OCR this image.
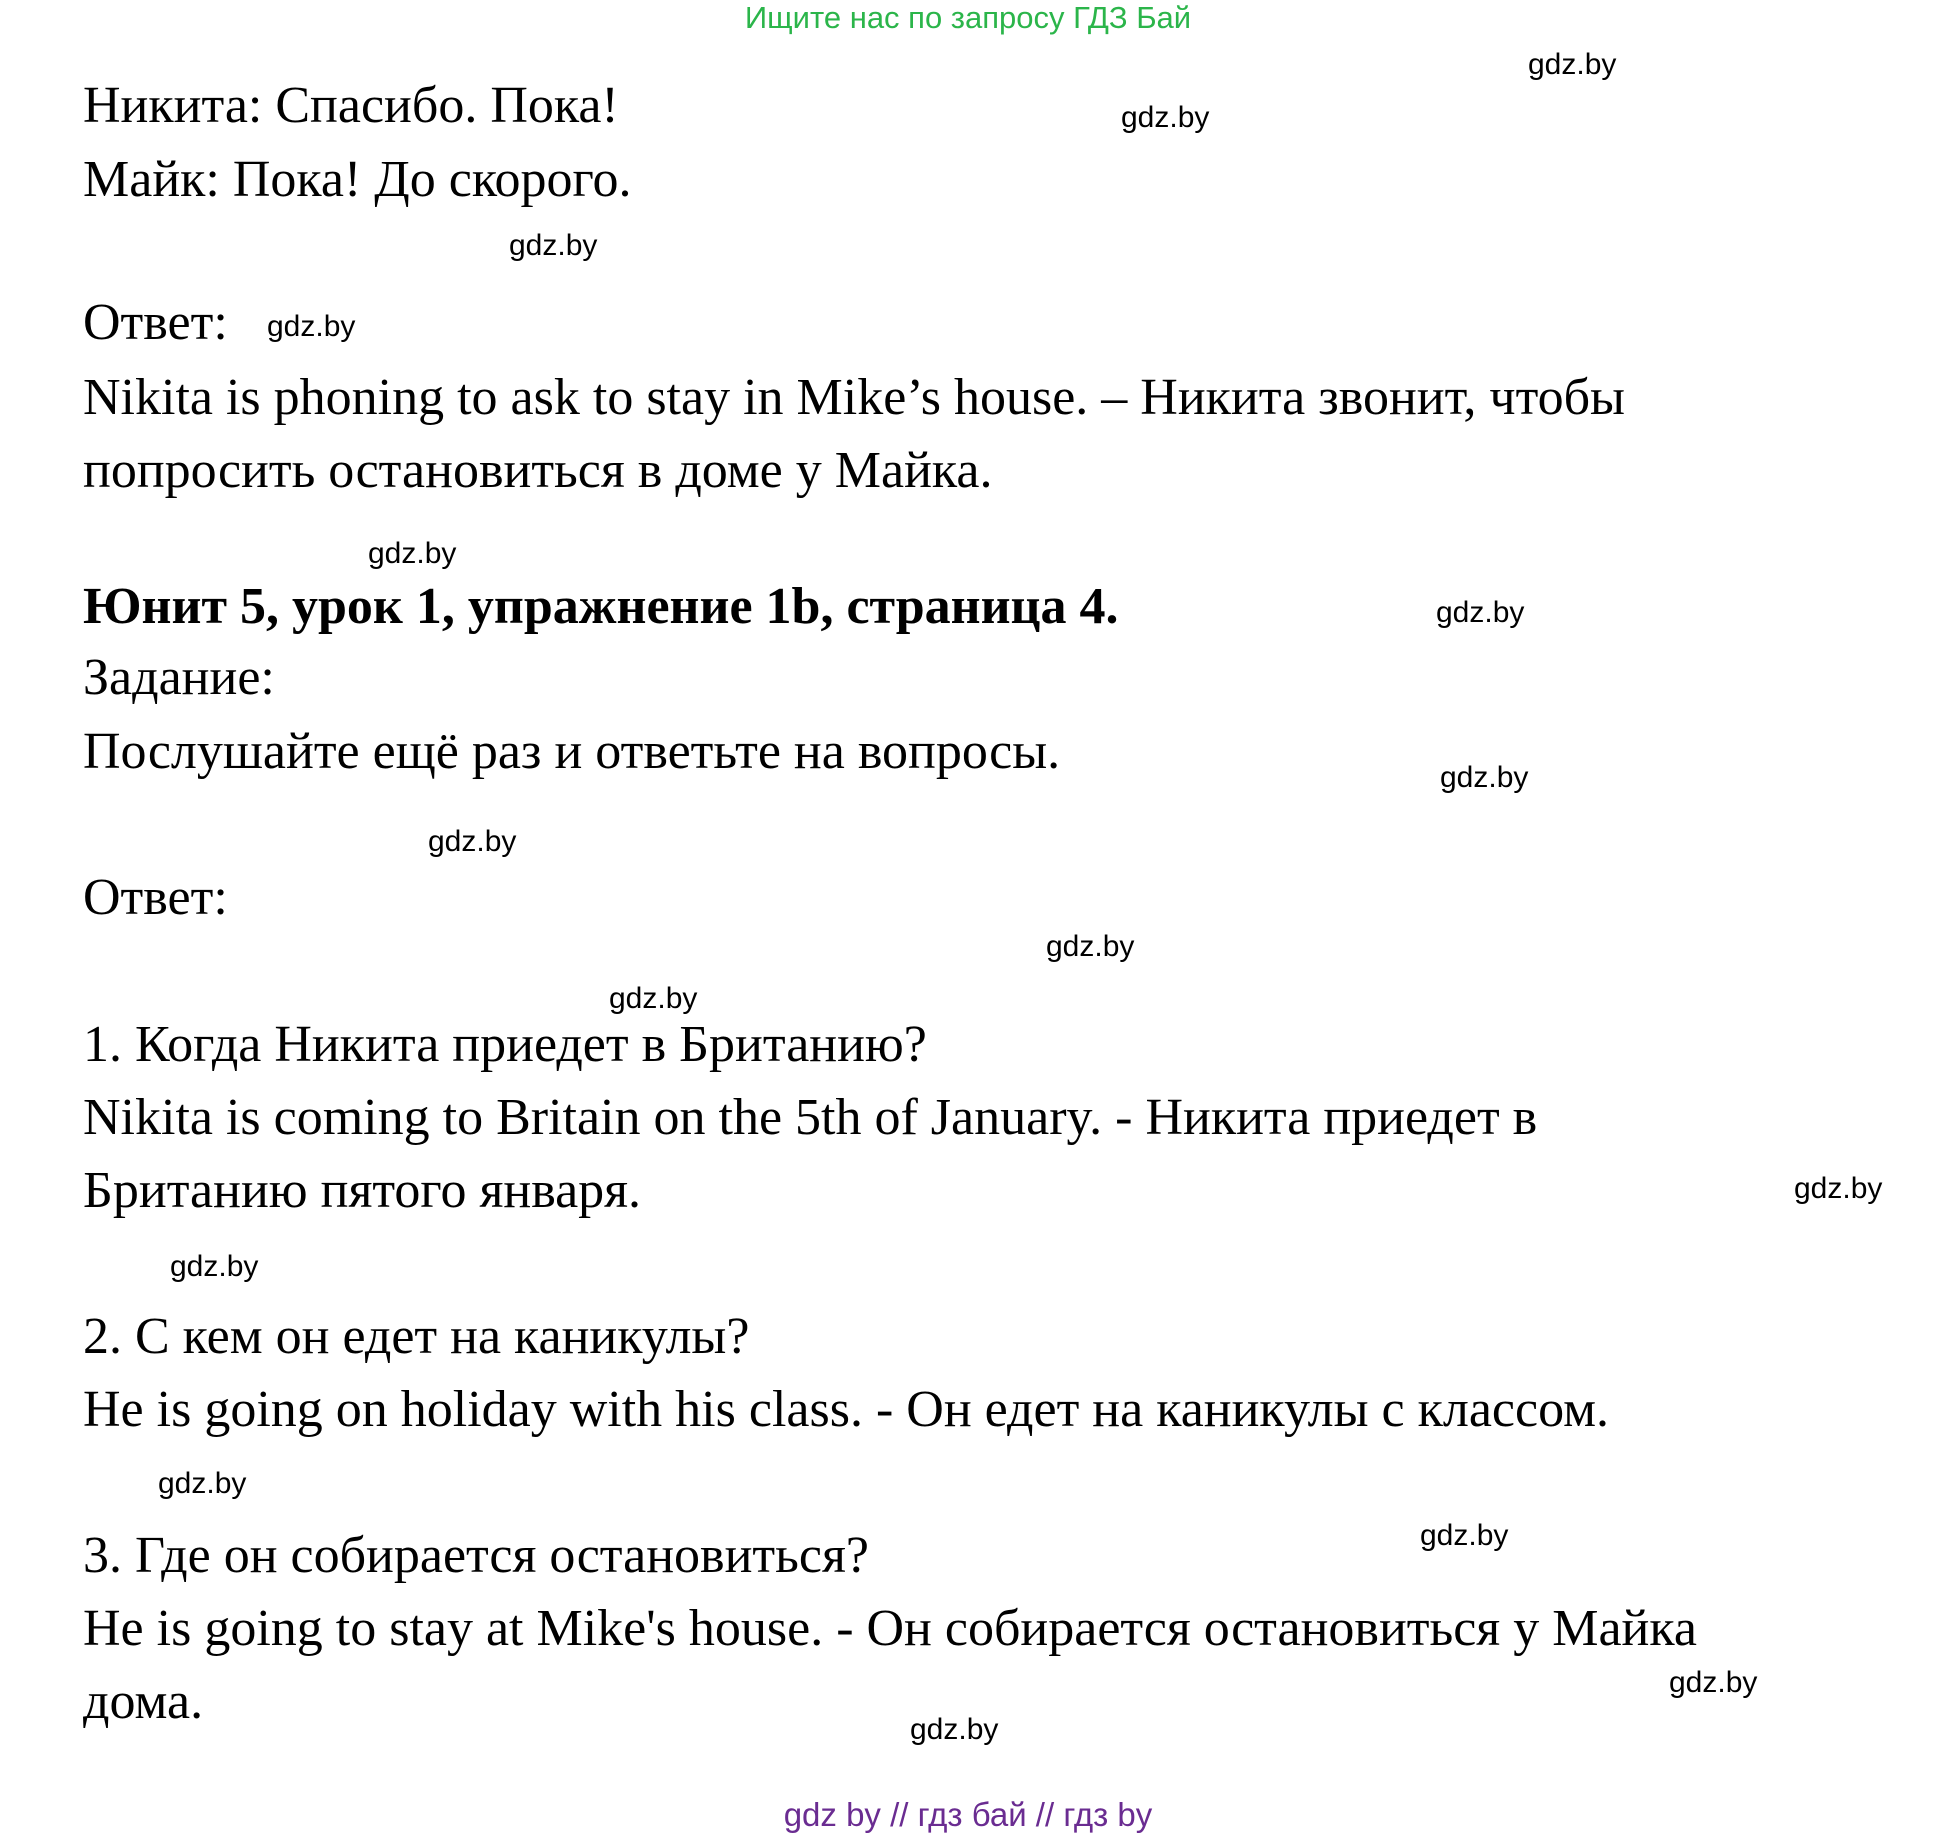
Ищите нас по запросу ГДЗ Бай
Никита: Спасибо. Пока!
Майк: Пока! До скорого.
Ответ:
Nikita is phoning to ask to stay in Mike’s house. – Никита звонит, чтобы
попросить остановиться в доме у Майка.
Юнит 5, урок 1, упражнение 1b, страница 4.
Задание:
Послушайте ещё раз и ответьте на вопросы.
Ответ:
1. Когда Никита приедет в Британию?
Nikita is coming to Britain on the 5th of January. - Никита приедет в
Британию пятого января.
2. С кем он едет на каникулы?
He is going on holiday with his class. - Он едет на каникулы с классом.
3. Где он собирается остановиться?
He is going to stay at Mike's house. - Он собирается остановиться у Майка
дома.
gdz.by
gdz.by
gdz.by
gdz.by
gdz.by
gdz.by
gdz.by
gdz.by
gdz.by
gdz.by
gdz.by
gdz.by
gdz.by
gdz.by
gdz.by
gdz.by
gdz by // гдз бай // гдз by
